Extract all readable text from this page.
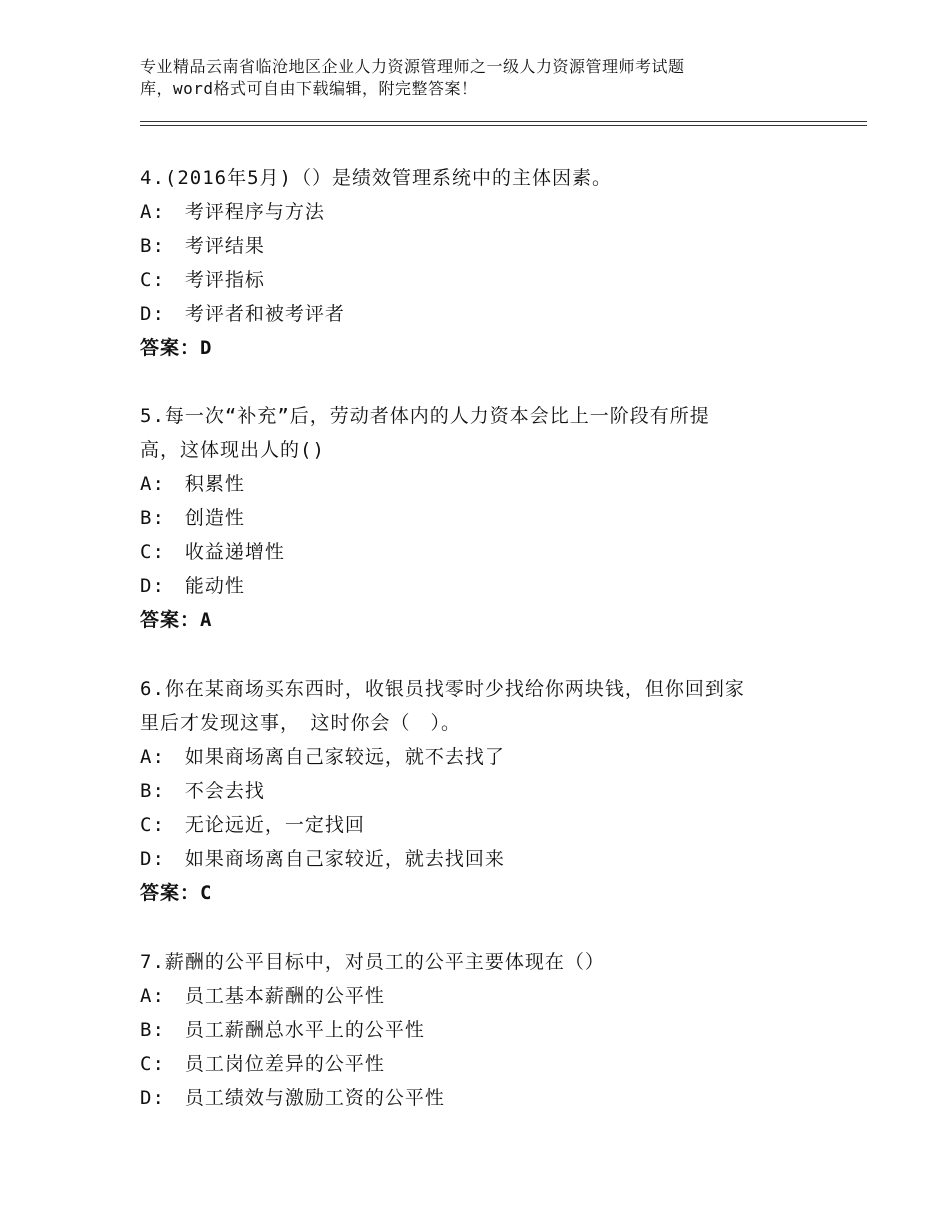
专业精品云南省临沧地区企业人力资源管理师之一级人力资源管理师考试题
库，word格式可自由下载编辑，附完整答案！
4.(2016年5月)（）是绩效管理系统中的主体因素。
A:　考评程序与方法
B:　考评结果
C:　考评指标
D:　考评者和被考评者
答案：D
5.每一次“补充”后，劳动者体内的人力资本会比上一阶段有所提
高，这体现出人的()
A:　积累性
B:　创造性
C:　收益递增性
D:　能动性
答案：A
6.你在某商场买东西时，收银员找零时少找给你两块钱，但你回到家
里后才发现这事，　这时你会（　）。
A:　如果商场离自己家较远，就不去找了
B:　不会去找
C:　无论远近，一定找回
D:　如果商场离自己家较近，就去找回来
答案：C
7.薪酬的公平目标中，对员工的公平主要体现在（）
A:　员工基本薪酬的公平性
B:　员工薪酬总水平上的公平性
C:　员工岗位差异的公平性
D:　员工绩效与激励工资的公平性
